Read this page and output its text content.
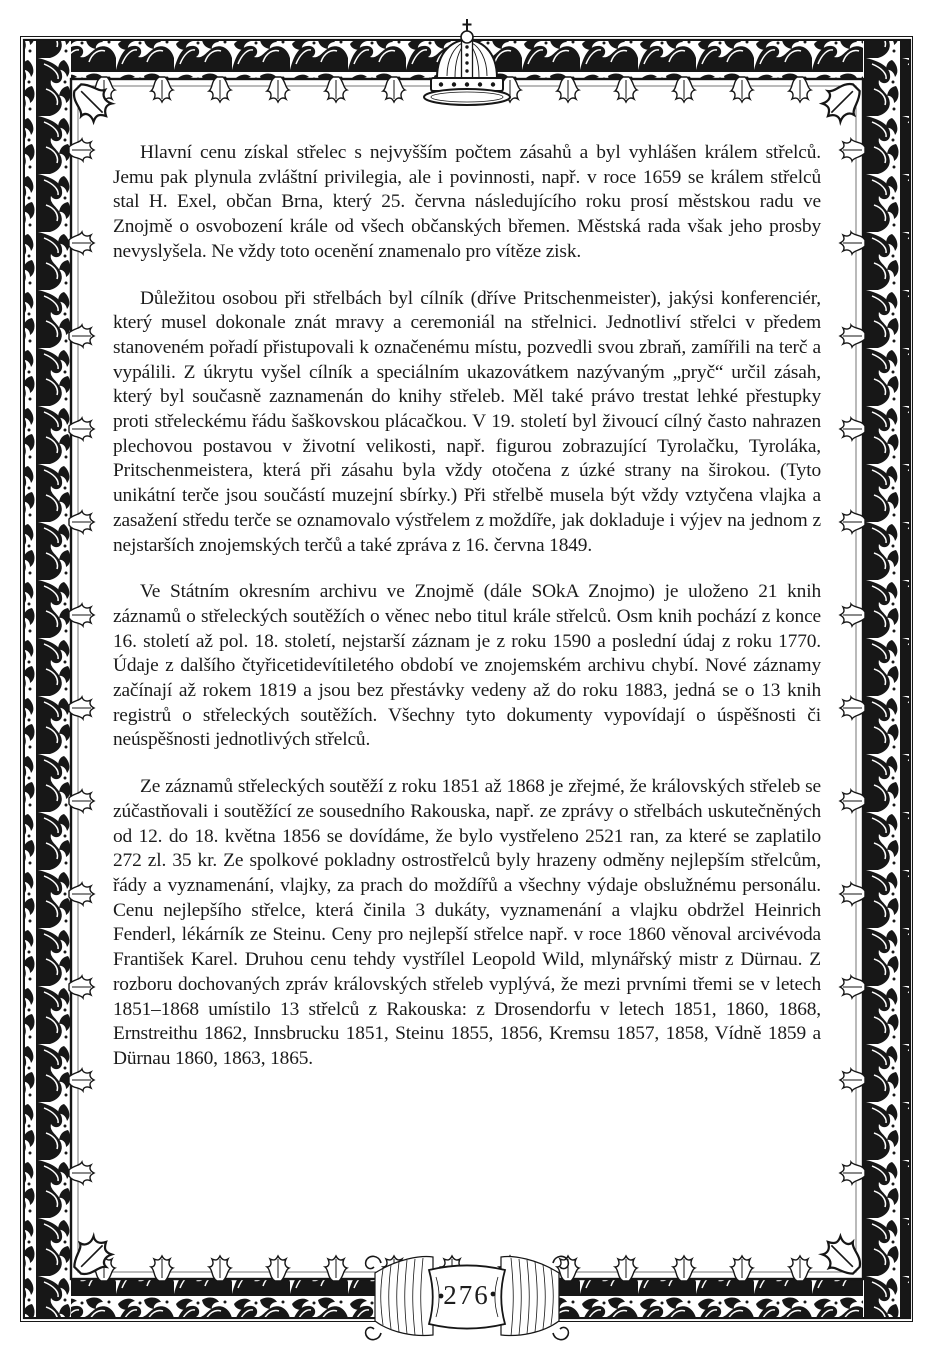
Hlavní cenu získal střelec s nejvyšším počtem zásahů a byl vyhlášen králem střelců. Jemu pak plynula zvláštní privilegia, ale i povinnosti, např. v roce 1659 se králem střelců stal H. Exel, občan Brna, který 25. června následujícího roku prosí městskou radu ve Znojmě o osvobození krále od všech občanských břemen. Městská rada však jeho prosby nevyslyšela. Ne vždy toto ocenění znamenalo pro vítěze zisk.

Důležitou osobou při střelbách byl cílník (dříve Pritschenmeister), jakýsi konferenciér, který musel dokonale znát mravy a ceremoniál na střelnici. Jednotliví střelci v předem stanoveném pořadí přistupovali k označenému místu, pozvedli svou zbraň, zamířili na terč a vypálili. Z úkrytu vyšel cílník a speciálním ukazovátkem nazývaným „pryč“ určil zásah, který byl současně zaznamenán do knihy střeleb. Měl také právo trestat lehké přestupky proti střeleckému řádu šaškovskou plácačkou. V 19. století byl živoucí cílný často nahrazen plechovou postavou v životní velikosti, např. figurou zobrazující Tyrolačku, Tyroláka, Pritschenmeistera, která při zásahu byla vždy otočena z úzké strany na širokou. (Tyto unikátní terče jsou součástí muzejní sbírky.) Při střelbě musela být vždy vztyčena vlajka a zasažení středu terče se oznamovalo výstřelem z moždíře, jak dokladuje i výjev na jednom z nejstarších znojemských terčů a také zpráva z 16. června 1849.

Ve Státním okresním archivu ve Znojmě (dále SOkA Znojmo) je uloženo 21 knih záznamů o střeleckých soutěžích o věnec nebo titul krále střelců. Osm knih pochází z konce 16. století až pol. 18. století, nejstarší záznam je z roku 1590 a poslední údaj z roku 1770. Údaje z dalšího čtyřicetidevítiletého období ve znojemském archivu chybí. Nové záznamy začínají až rokem 1819 a jsou bez přestávky vedeny až do roku 1883, jedná se o 13 knih registrů o střeleckých soutěžích. Všechny tyto dokumenty vypovídají o úspěšnosti či neúspěšnosti jednotlivých střelců.

Ze záznamů střeleckých soutěží z roku 1851 až 1868 je zřejmé, že královských střeleb se zúčastňovali i soutěžící ze sousedního Rakouska, např. ze zprávy o střelbách uskutečněných od 12. do 18. května 1856 se dovídáme, že bylo vystřeleno 2521 ran, za které se zaplatilo 272 zl. 35 kr. Ze spolkové pokladny ostrostřelců byly hrazeny odměny nejlepším střelcům, řády a vyznamenání, vlajky, za prach do moždířů a všechny výdaje obslužnému personálu. Cenu nejlepšího střelce, která činila 3 dukáty, vyznamenání a vlajku obdržel Heinrich Fenderl, lékárník ze Steinu. Ceny pro nejlepší střelce např. v roce 1860 věnoval arcivévoda František Karel. Druhou cenu tehdy vystřílel Leopold Wild, mlynářský mistr z Dürnau. Z rozboru dochovaných zpráv královských střeleb vyplývá, že mezi prvními třemi se v letech 1851–1868 umístilo 13 střelců z Rakouska: z Drosendorfu v letech 1851, 1860, 1868, Ernstreithu 1862, Innsbrucku 1851, Steinu 1855, 1856, Kremsu 1857, 1858, Vídně 1859 a Dürnau 1860, 1863, 1865.

276
